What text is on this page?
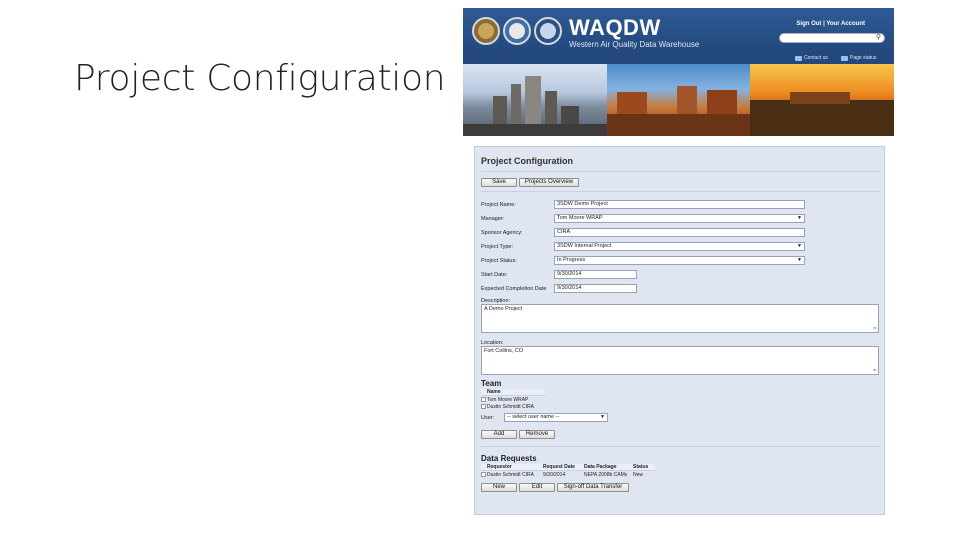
Project Configuration
WAQDW
Western Air Quality Data Warehouse
Sign Out | Your Account
⚲
Contact us	Page status
Project Configuration
Save	Projects Overview
Project Name:	3SDW Demo Project
Manager:	Tom Moore WRAP	▼
Sponsor Agency:	CIRA
Project Type:	3SDW Internal Project	▼
Project Status:	In Progress	▼
Start Date:	9/30/2014
Expected Completion Date	9/30/2014
Description:
A Demo Project
≑
Location:
Fort Collins, CO
≑
Team
Name
Tom Moore WRAP
Dustin Schmidt CIRA
User:	-- select user name --	▼
Add	Remove
Data Requests
Requestor	Request Date	Data Package	Status
Dustin Schmidt CIRA 9/30/2014	NEPA 2008b CAMx	New
New	Edit	Sign-off Data Transfer
